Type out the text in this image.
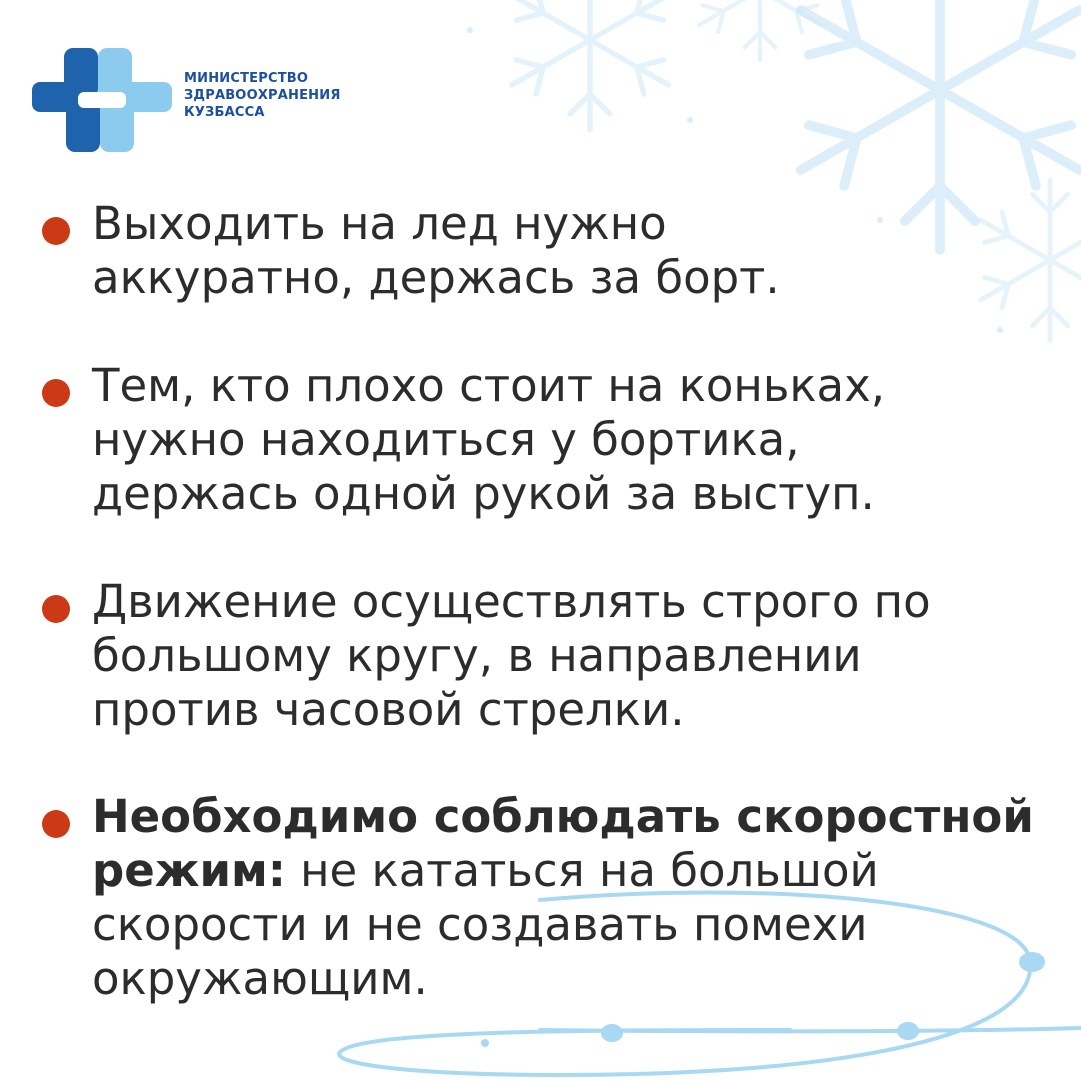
МИНИСТЕРСТВО
ЗДРАВООХРАНЕНИЯ
КУЗБАССА
Выходить на лед нужно аккуратно, держась за борт.
Тем, кто плохо стоит на коньках, нужно находиться у бортика, держась одной рукой за выступ.
Движение осуществлять строго по большому кругу, в направлении против часовой стрелки.
Необходимо соблюдать скоростной режим: не кататься на большой скорости и не создавать помехи окружающим.
